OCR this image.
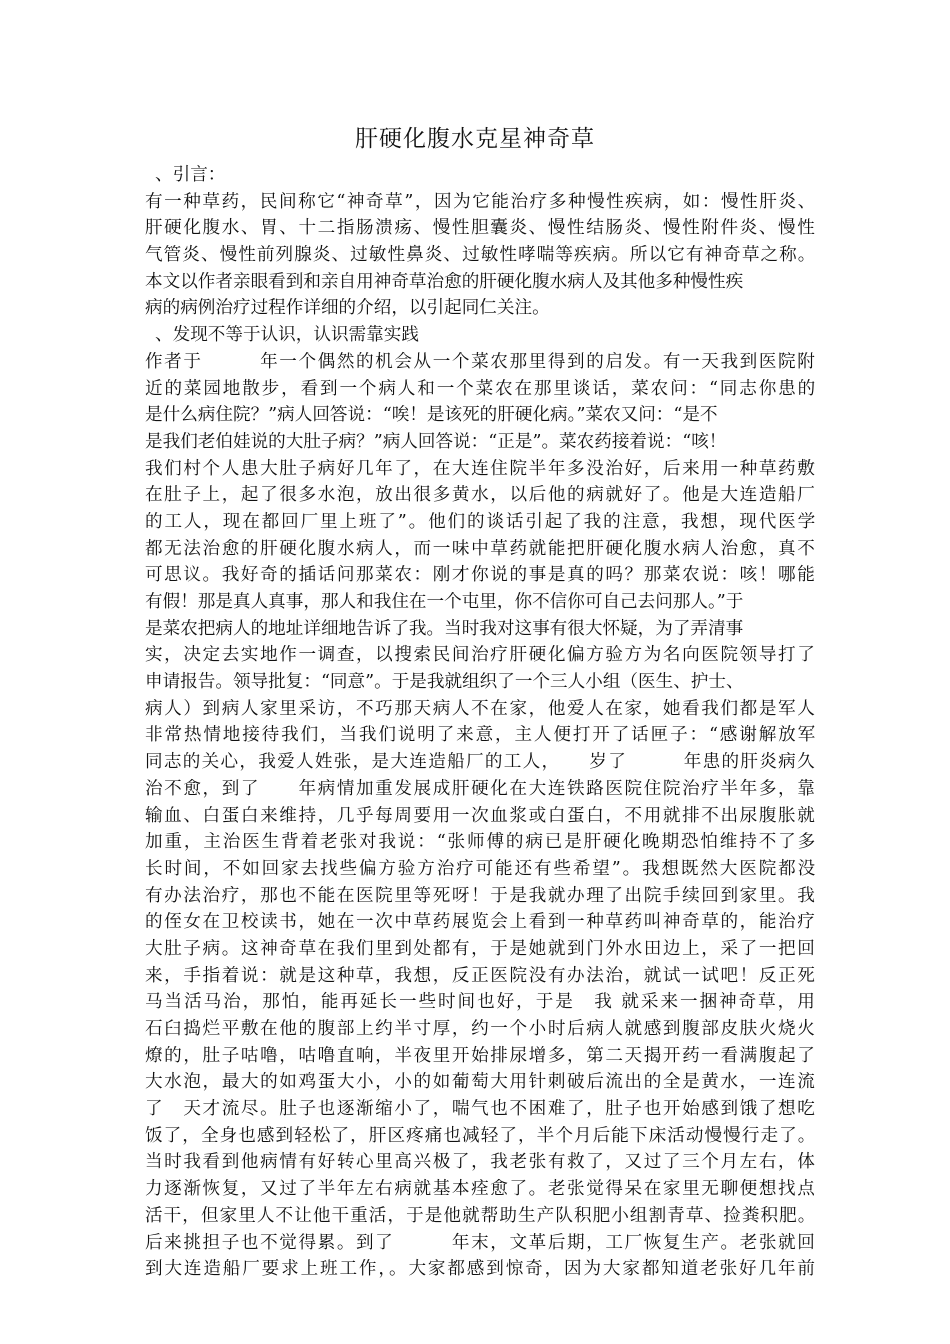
肝硬化腹水克星神奇草
、引言：
有一种草药，民间称它“神奇草”，因为它能治疗多种慢性疾病，如：慢性肝炎、
肝硬化腹水、胃、十二指肠溃疡、慢性胆囊炎、慢性结肠炎、慢性附件炎、慢性
气管炎、慢性前列腺炎、过敏性鼻炎、过敏性哮喘等疾病。所以它有神奇草之称。
本文以作者亲眼看到和亲自用神奇草治愈的肝硬化腹水病人及其他多种慢性疾
病的病例治疗过程作详细的介绍，以引起同仁关注。
、发现不等于认识，认识需靠实践
作者于　　　年一个偶然的机会从一个菜农那里得到的启发。有一天我到医院附
近的菜园地散步，看到一个病人和一个菜农在那里谈话，菜农问：“同志你患的
是什么病住院？”病人回答说：“唉！是该死的肝硬化病。”菜农又问：“是不
是我们老伯娃说的大肚子病？”病人回答说：“正是”。菜农药接着说：“咳！
我们村个人患大肚子病好几年了，在大连住院半年多没治好，后来用一种草药敷
在肚子上，起了很多水泡，放出很多黄水，以后他的病就好了。他是大连造船厂
的工人，现在都回厂里上班了”。他们的谈话引起了我的注意，我想，现代医学
都无法治愈的肝硬化腹水病人，而一味中草药就能把肝硬化腹水病人治愈，真不
可思议。我好奇的插话问那菜农：刚才你说的事是真的吗？那菜农说：咳！哪能
有假！那是真人真事，那人和我住在一个屯里，你不信你可自己去问那人。”于
是菜农把病人的地址详细地告诉了我。当时我对这事有很大怀疑，为了弄清事
实，决定去实地作一调查，以搜索民间治疗肝硬化偏方验方为名向医院领导打了
申请报告。领导批复：“同意”。于是我就组织了一个三人小组（医生、护士、
病人）到病人家里采访，不巧那天病人不在家，他爱人在家，她看我们都是军人
非常热情地接待我们，当我们说明了来意，主人便打开了话匣子：“感谢解放军
同志的关心，我爱人姓张，是大连造船厂的工人，　　岁了　　　年患的肝炎病久
治不愈，到了　　年病情加重发展成肝硬化在大连铁路医院住院治疗半年多，靠
输血、白蛋白来维持，几乎每周要用一次血浆或白蛋白，不用就排不出尿腹胀就
加重，主治医生背着老张对我说：“张师傅的病已是肝硬化晚期恐怕维持不了多
长时间，不如回家去找些偏方验方治疗可能还有些希望”。我想既然大医院都没
有办法治疗，那也不能在医院里等死呀！于是我就办理了出院手续回到家里。我
的侄女在卫校读书，她在一次中草药展览会上看到一种草药叫神奇草的，能治疗
大肚子病。这神奇草在我们里到处都有，于是她就到门外水田边上，采了一把回
来，手指着说：就是这种草，我想，反正医院没有办法治，就试一试吧！反正死
马当活马治，那怕，能再延长一些时间也好，于是　我 就采来一捆神奇草，用
石臼捣烂平敷在他的腹部上约半寸厚，约一个小时后病人就感到腹部皮肤火烧火
燎的，肚子咕噜，咕噜直响，半夜里开始排尿增多，第二天揭开药一看满腹起了
大水泡，最大的如鸡蛋大小，小的如葡萄大用针刺破后流出的全是黄水，一连流
了　天才流尽。肚子也逐渐缩小了，喘气也不困难了，肚子也开始感到饿了想吃
饭了，全身也感到轻松了，肝区疼痛也减轻了，半个月后能下床活动慢慢行走了。
当时我看到他病情有好转心里高兴极了，我老张有救了，又过了三个月左右，体
力逐渐恢复，又过了半年左右病就基本痊愈了。老张觉得呆在家里无聊便想找点
活干，但家里人不让他干重活，于是他就帮助生产队积肥小组割青草、捡粪积肥。
后来挑担子也不觉得累。到了　　　年末，文革后期，工厂恢复生产。老张就回
到大连造船厂要求上班工作，。大家都感到惊奇，因为大家都知道老张好几年前
